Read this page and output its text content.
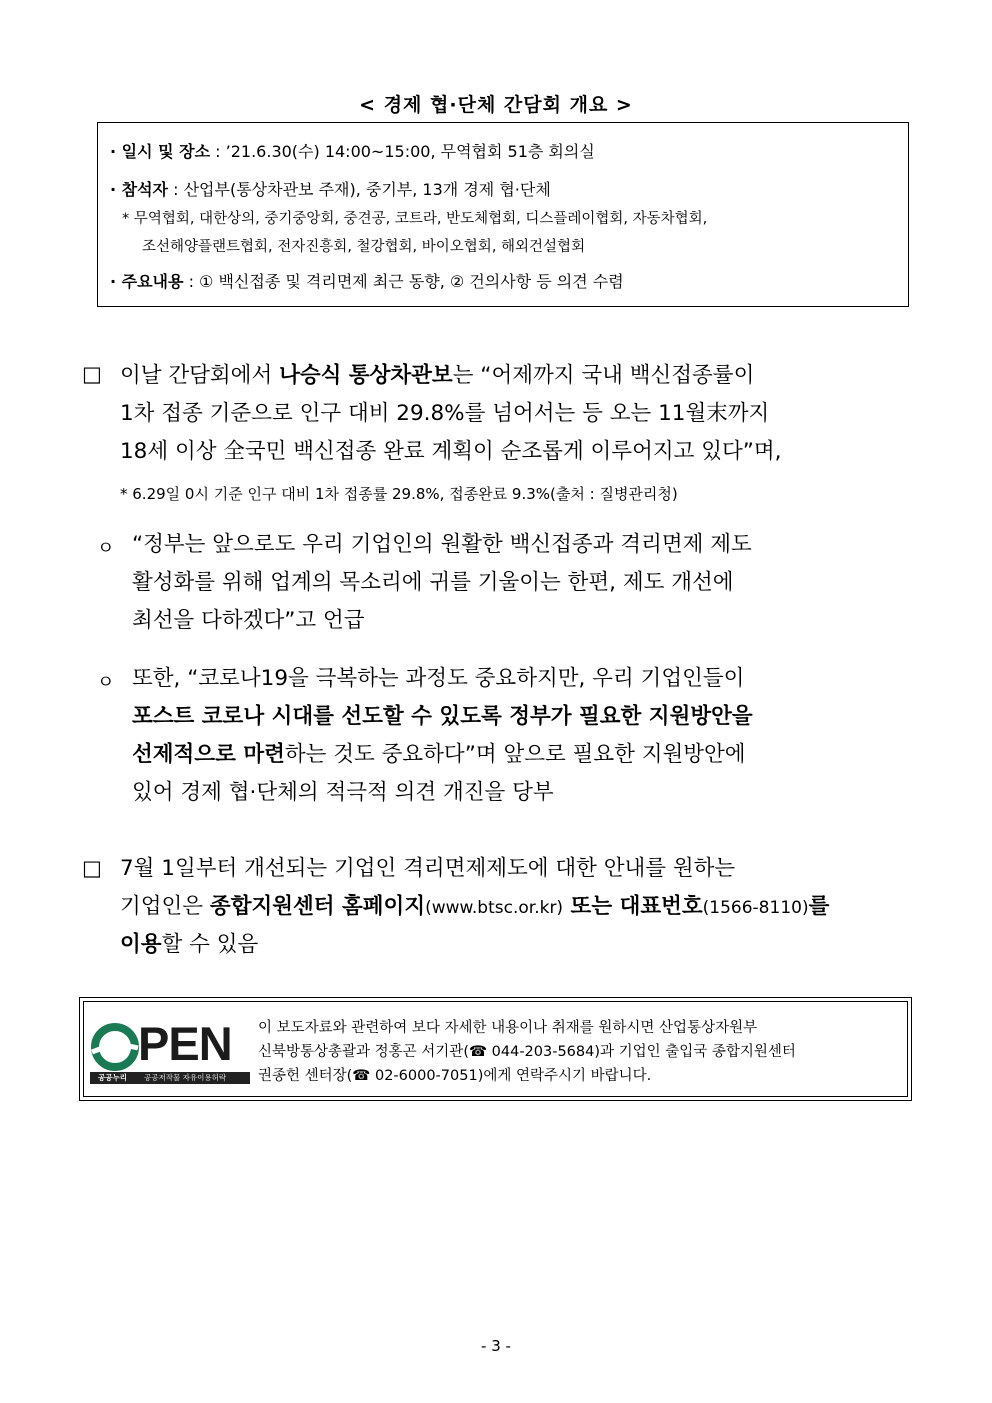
< 경제 협·단체 간담회 개요 >
· 일시 및 장소 : ’21.6.30(수) 14:00~15:00, 무역협회 51층 회의실
· 참석자 : 산업부(통상차관보 주재), 중기부, 13개 경제 협·단체
* 무역협회, 대한상의, 중기중앙회, 중견공, 코트라, 반도체협회, 디스플레이협회, 자동차협회,
조선해양플랜트협회, 전자진흥회, 철강협회, 바이오협회, 해외건설협회
· 주요내용 : ① 백신접종 및 격리면제 최근 동향, ② 건의사항 등 의견 수렴
□ 이날 간담회에서 나승식 통상차관보는 “어제까지 국내 백신접종률이
1차 접종 기준으로 인구 대비 29.8%를 넘어서는 등 오는 11월末까지
18세 이상 全국민 백신접종 완료 계획이 순조롭게 이루어지고 있다”며,
* 6.29일 0시 기준 인구 대비 1차 접종률 29.8%, 접종완료 9.3%(출처 : 질병관리청)
ㅇ “정부는 앞으로도 우리 기업인의 원활한 백신접종과 격리면제 제도
활성화를 위해 업계의 목소리에 귀를 기울이는 한편, 제도 개선에
최선을 다하겠다”고 언급
ㅇ 또한, “코로나19을 극복하는 과정도 중요하지만, 우리 기업인들이
포스트 코로나 시대를 선도할 수 있도록 정부가 필요한 지원방안을
선제적으로 마련하는 것도 중요하다”며 앞으로 필요한 지원방안에
있어 경제 협·단체의 적극적 의견 개진을 당부
□ 7월 1일부터 개선되는 기업인 격리면제제도에 대한 안내를 원하는
기업인은 종합지원센터 홈페이지(www.btsc.or.kr) 또는 대표번호(1566-8110)를
이용할 수 있음
PEN
공공누리 공공저작물 자유이용허락
이 보도자료와 관련하여 보다 자세한 내용이나 취재를 원하시면 산업통상자원부
신북방통상총괄과 정홍곤 서기관(☎ 044-203-5684)과 기업인 출입국 종합지원센터
권종헌 센터장(☎ 02-6000-7051)에게 연락주시기 바랍니다.
- 3 -
